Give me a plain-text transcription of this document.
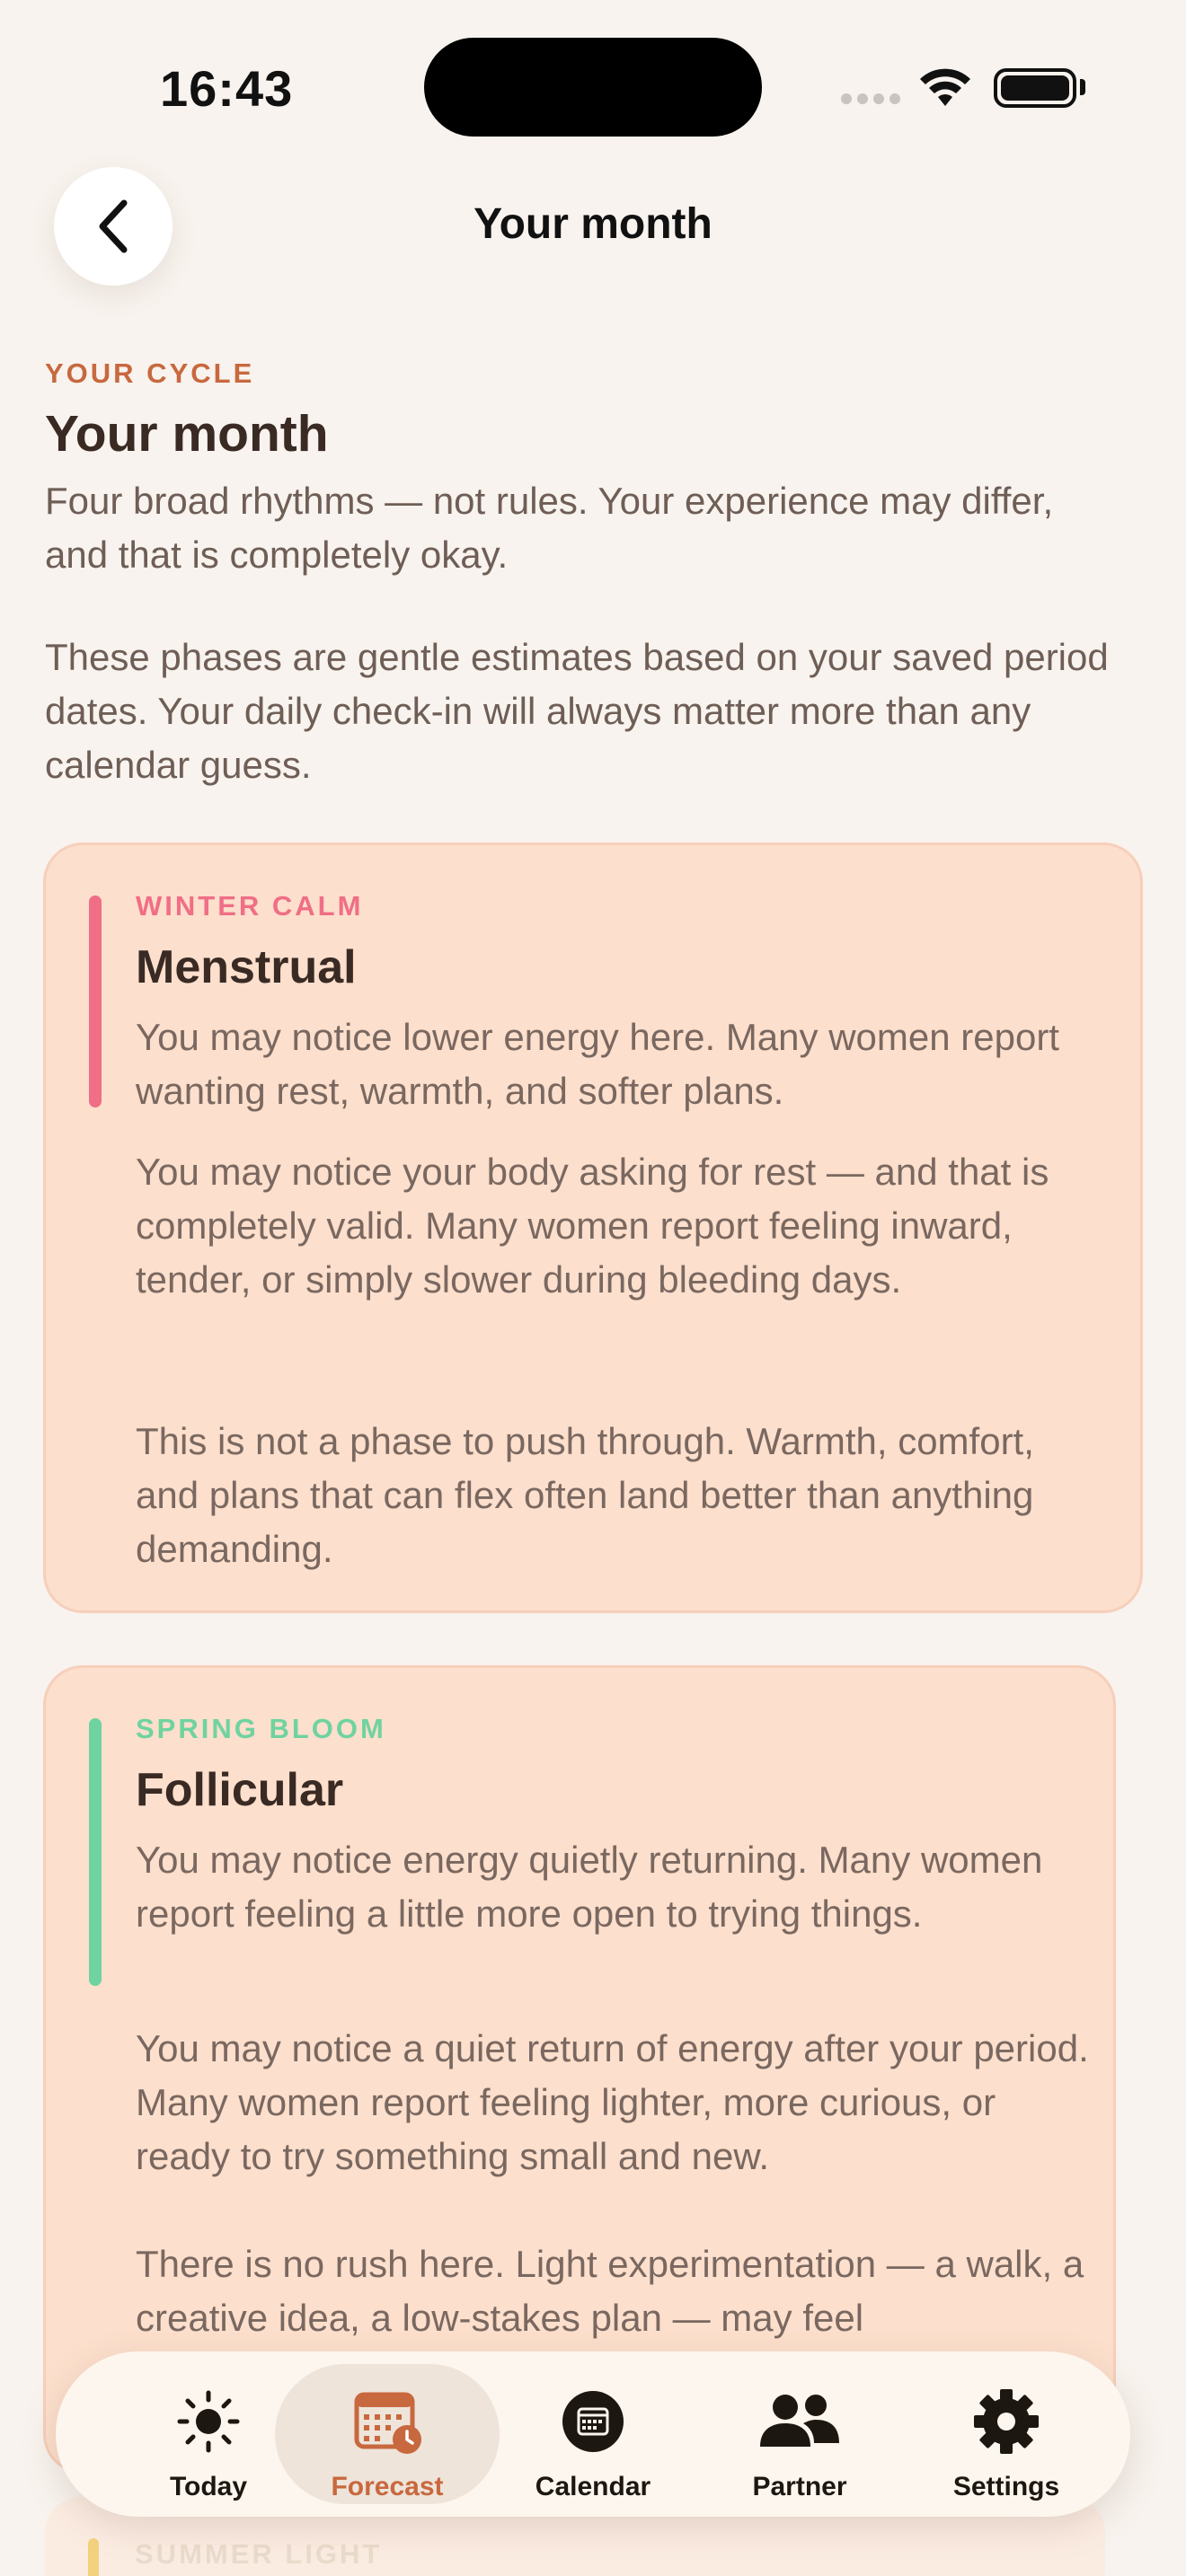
16:43
Your month
YOUR CYCLE
Your month
Four broad rhythms — not rules. Your experience may differ, and that is completely okay.
These phases are gentle estimates based on your saved period dates. Your daily check-in will always matter more than any calendar guess.
WINTER CALM
Menstrual
You may notice lower energy here. Many women report wanting rest, warmth, and softer plans.
You may notice your body asking for rest — and that is completely valid. Many women report feeling inward, tender, or simply slower during bleeding days.
This is not a phase to push through. Warmth, comfort, and plans that can flex often land better than anything demanding.
SPRING BLOOM
Follicular
You may notice energy quietly returning. Many women report feeling a little more open to trying things.
You may notice a quiet return of energy after your period. Many women report feeling lighter, more curious, or ready to try something small and new.
There is no rush here. Light experimentation — a walk, a creative idea, a low-stakes plan — may feel
SUMMER LIGHT
Today	Forecast	Calendar	Partner	Settings
